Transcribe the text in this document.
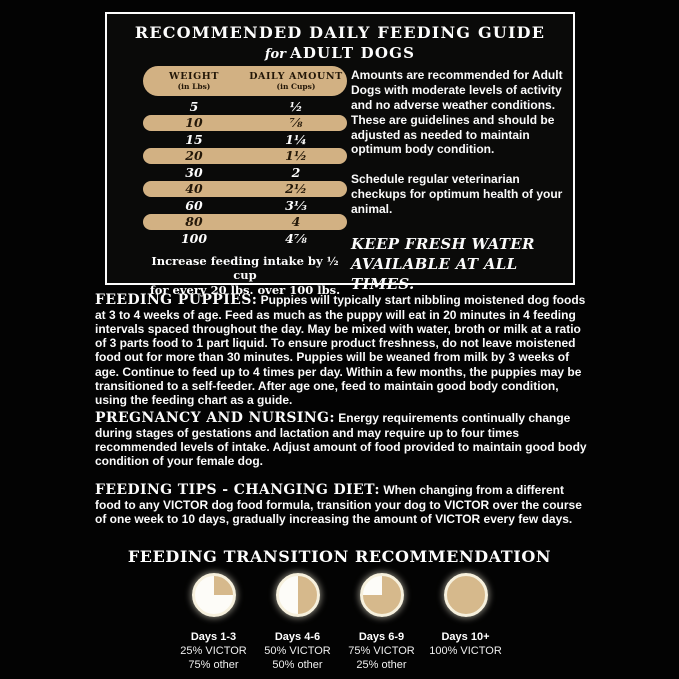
RECOMMENDED DAILY FEEDING GUIDE
for ADULT DOGS
WEIGHT
(in Lbs)
DAILY AMOUNT
(in Cups)
5	½
10	⅞
15	1¼
20	1½
30	2
40	2½
60	3⅓
80	4
100	4⅞
Increase feeding intake by ½ cup
for every 20 lbs. over 100 lbs.

Amounts are recommended for Adult Dogs with moderate levels of activity and no adverse weather conditions. These are guidelines and should be adjusted as needed to maintain optimum body condition.

Schedule regular veterinarian checkups for optimum health of your animal.

KEEP FRESH WATER
AVAILABLE AT ALL TIMES.

FEEDING PUPPIES: Puppies will typically start nibbling moistened dog foods at 3 to 4 weeks of age. Feed as much as the puppy will eat in 20 minutes in 4 feeding intervals spaced throughout the day. May be mixed with water, broth or milk at a ratio of 3 parts food to 1 part liquid. To ensure product freshness, do not leave moistened food out for more than 30 minutes. Puppies will be weaned from milk by 3 weeks of age. Continue to feed up to 4 times per day. Within a few months, the puppies may be transitioned to a self-feeder. After age one, feed to maintain good body condition, using the feeding chart as a guide.

PREGNANCY AND NURSING: Energy requirements continually change during stages of gestations and lactation and may require up to four times recommended levels of intake. Adjust amount of food provided to maintain good body condition of your female dog.

FEEDING TIPS - CHANGING DIET: When changing from a different food to any VICTOR dog food formula, transition your dog to VICTOR over the course of one week to 10 days, gradually increasing the amount of VICTOR every few days.

FEEDING TRANSITION RECOMMENDATION
Days 1-3
25% VICTOR
75% other
Days 4-6
50% VICTOR
50% other
Days 6-9
75% VICTOR
25% other
Days 10+
100% VICTOR
